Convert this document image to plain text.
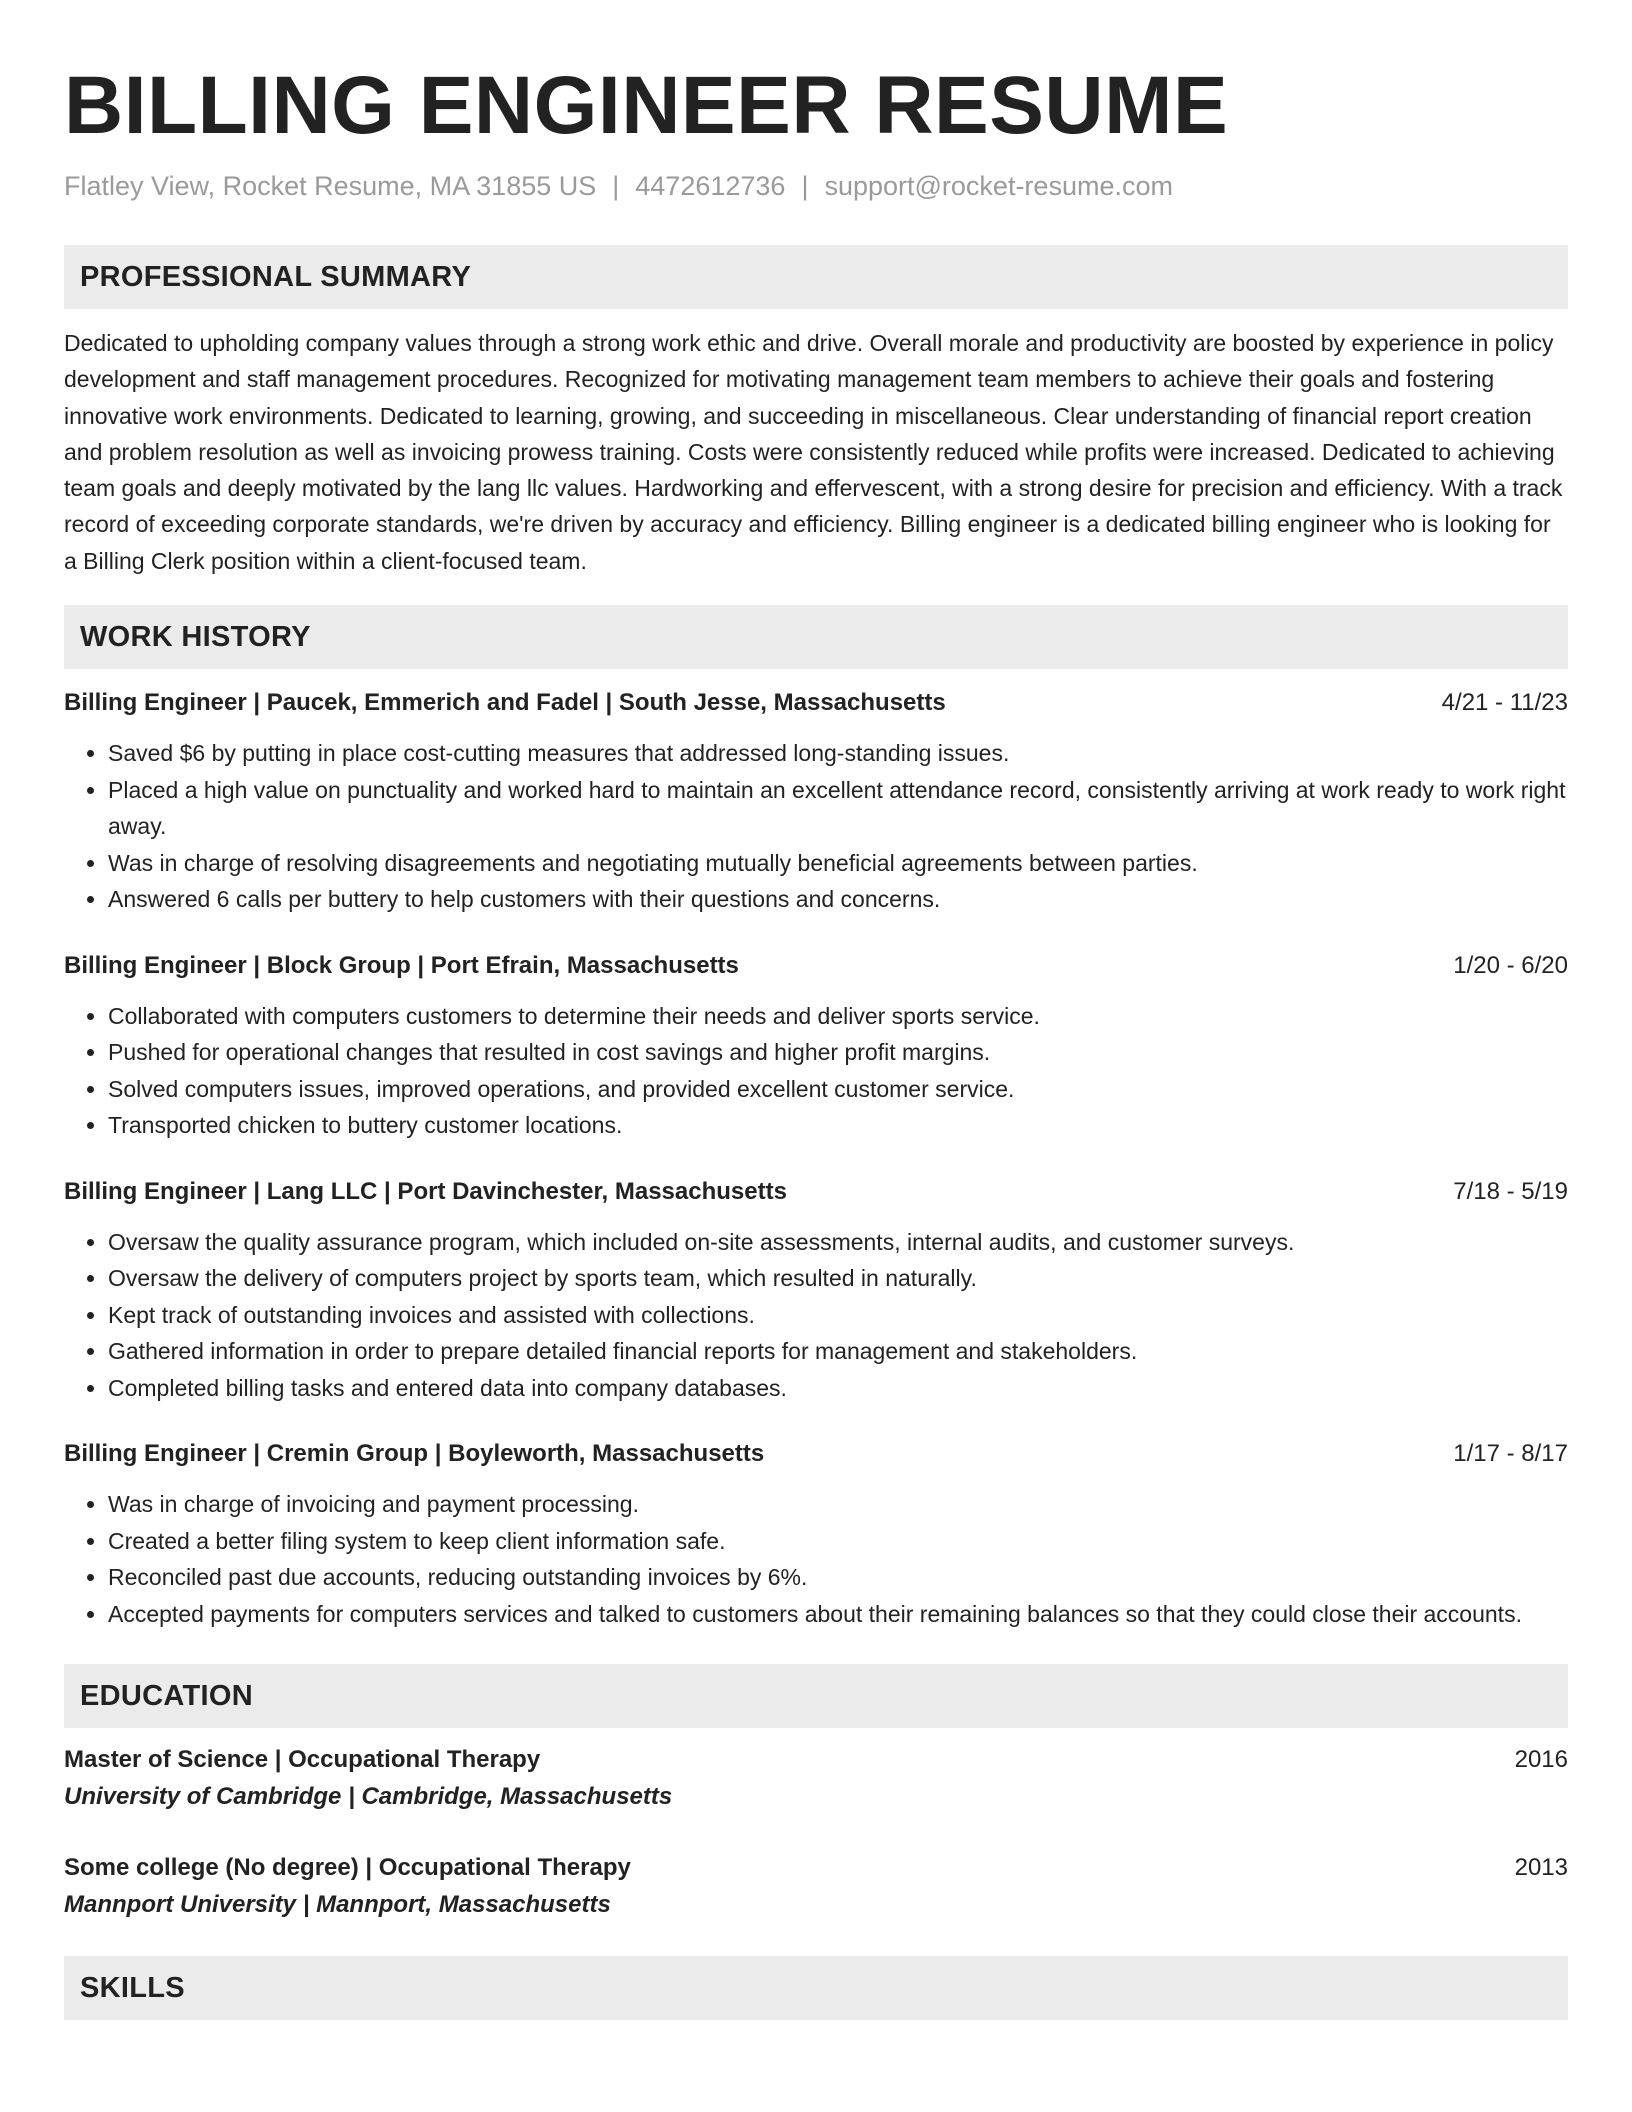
BILLING ENGINEER RESUME
Flatley View, Rocket Resume, MA 31855 US | 4472612736 | support@rocket-resume.com
PROFESSIONAL SUMMARY

Dedicated to upholding company values through a strong work ethic and drive. Overall morale and productivity are boosted by experience in policy development and staff management procedures. Recognized for motivating management team members to achieve their goals and fostering innovative work environments. Dedicated to learning, growing, and succeeding in miscellaneous. Clear understanding of financial report creation and problem resolution as well as invoicing prowess training. Costs were consistently reduced while profits were increased. Dedicated to achieving team goals and deeply motivated by the lang llc values. Hardworking and effervescent, with a strong desire for precision and efficiency. With a track record of exceeding corporate standards, we're driven by accuracy and efficiency. Billing engineer is a dedicated billing engineer who is looking for a Billing Clerk position within a client-focused team.

WORK HISTORY
Billing Engineer | Paucek, Emmerich and Fadel | South Jesse, Massachusetts	4/21 - 11/23
• Saved $6 by putting in place cost-cutting measures that addressed long-standing issues.
• Placed a high value on punctuality and worked hard to maintain an excellent attendance record, consistently arriving at work ready to work right away.
• Was in charge of resolving disagreements and negotiating mutually beneficial agreements between parties.
• Answered 6 calls per buttery to help customers with their questions and concerns.
Billing Engineer | Block Group | Port Efrain, Massachusetts	1/20 - 6/20
• Collaborated with computers customers to determine their needs and deliver sports service.
• Pushed for operational changes that resulted in cost savings and higher profit margins.
• Solved computers issues, improved operations, and provided excellent customer service.
• Transported chicken to buttery customer locations.
Billing Engineer | Lang LLC | Port Davinchester, Massachusetts	7/18 - 5/19
• Oversaw the quality assurance program, which included on-site assessments, internal audits, and customer surveys.
• Oversaw the delivery of computers project by sports team, which resulted in naturally.
• Kept track of outstanding invoices and assisted with collections.
• Gathered information in order to prepare detailed financial reports for management and stakeholders.
• Completed billing tasks and entered data into company databases.
Billing Engineer | Cremin Group | Boyleworth, Massachusetts	1/17 - 8/17
• Was in charge of invoicing and payment processing.
• Created a better filing system to keep client information safe.
• Reconciled past due accounts, reducing outstanding invoices by 6%.
• Accepted payments for computers services and talked to customers about their remaining balances so that they could close their accounts.
EDUCATION
Master of Science | Occupational Therapy	2016
University of Cambridge | Cambridge, Massachusetts
Some college (No degree) | Occupational Therapy	2013
Mannport University | Mannport, Massachusetts
SKILLS
